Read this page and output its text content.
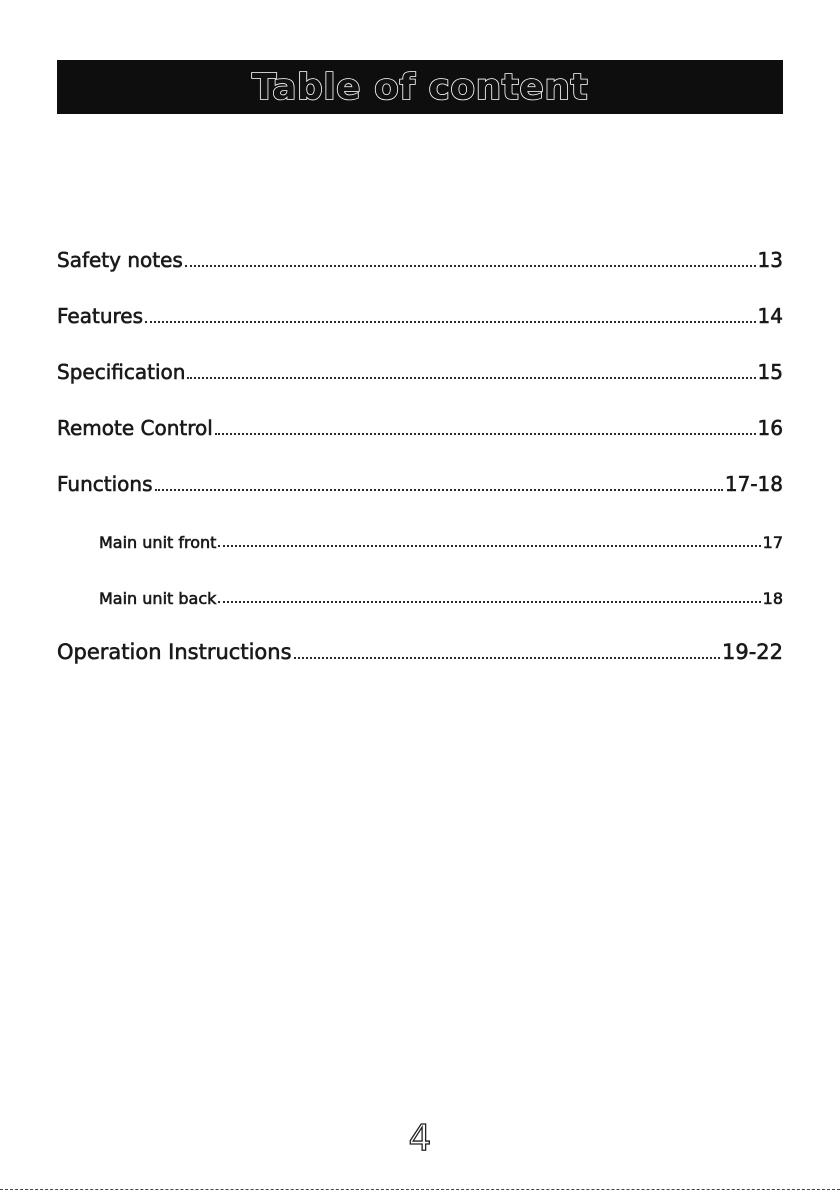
Table of content
Safety notes	13
Features	14
Specification	15
Remote Control	16
Functions	17-18
Main unit front	17
Main unit back	18
Operation Instructions	19-22
4
